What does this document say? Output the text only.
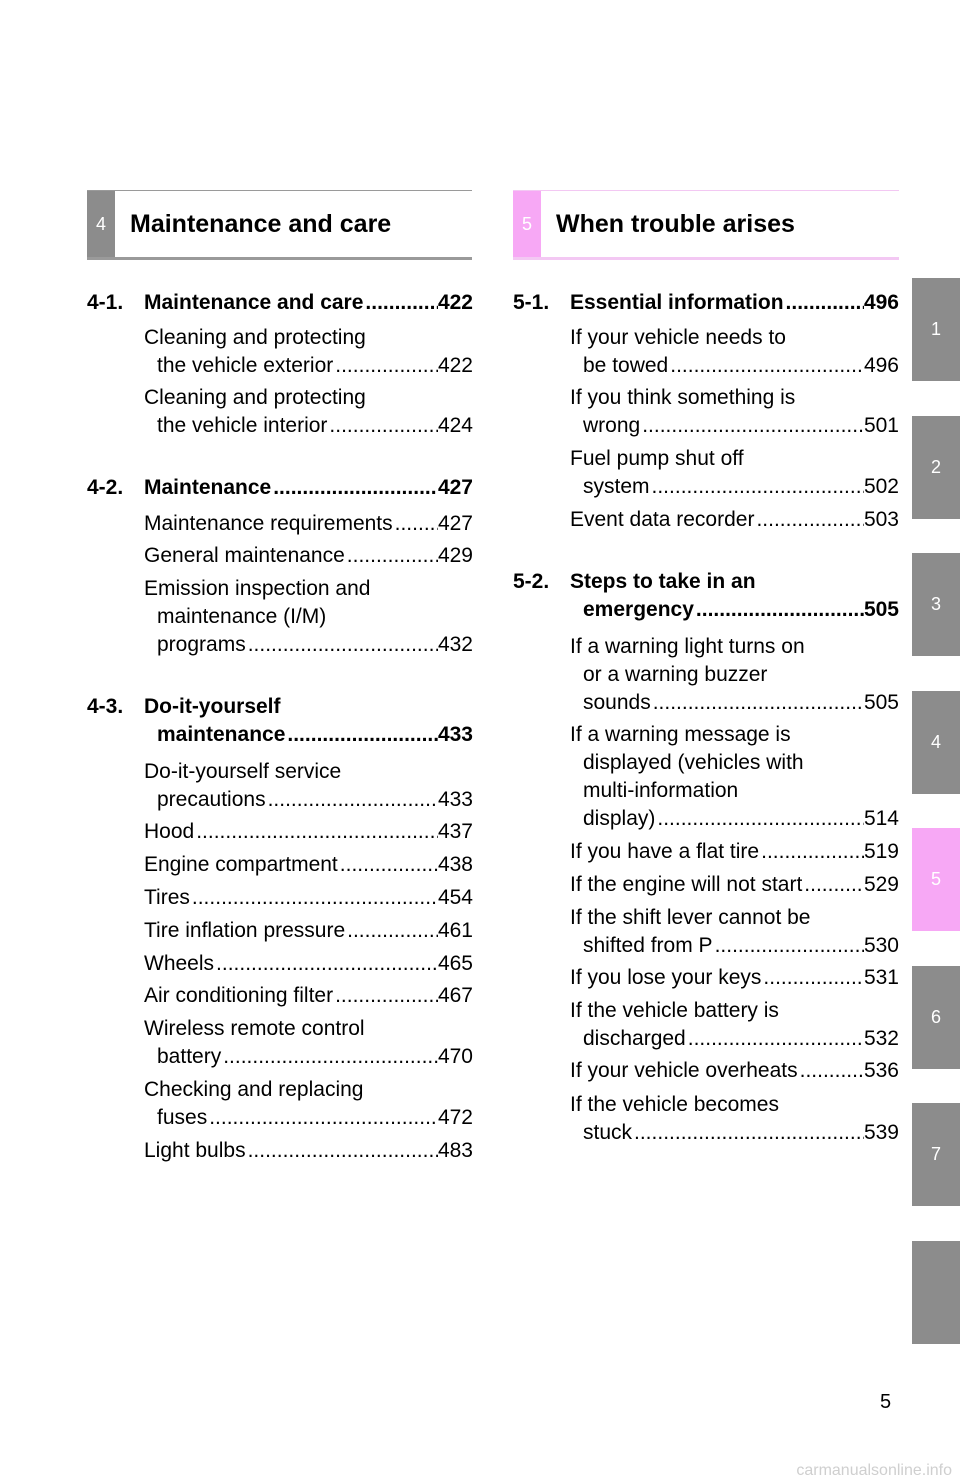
4 Maintenance and care	5 When trouble arises
4-1. Maintenance and care .....	422
Cleaning and protecting
the vehicle exterior .....	422
Cleaning and protecting
the vehicle interior .....	424
4-2. Maintenance .....	427
Maintenance requirements ..... 427
General maintenance .....	429
Emission inspection and
maintenance (I/M)
programs .....	432
4-3. Do-it-yourself
maintenance .....	433
Do-it-yourself service
precautions .....	433
Hood .....	437
Engine compartment .....	438
Tires .....	454
Tire inflation pressure .....	461
Wheels .....	465
Air conditioning filter .....	467
Wireless remote control
battery .....	470
Checking and replacing
fuses .....	472
Light bulbs .....	483
5-1. Essential information .....	496
If your vehicle needs to
be towed .....	496
If you think something is
wrong .....	501
Fuel pump shut off
system .....	502
Event data recorder .....	503
5-2. Steps to take in an
emergency .....	505
If a warning light turns on
or a warning buzzer
sounds .....	505
If a warning message is
displayed (vehicles with
multi-information
display) .....	514
If you have a flat tire .....	519
If the engine will not start .....	529
If the shift lever cannot be
shifted from P .....	530
If you lose your keys .....	531
If the vehicle battery is
discharged .....	532
If your vehicle overheats .....	536
If the vehicle becomes
stuck .....	539
1
2
3
4
5
6
7
5
carmanualsonline.info
